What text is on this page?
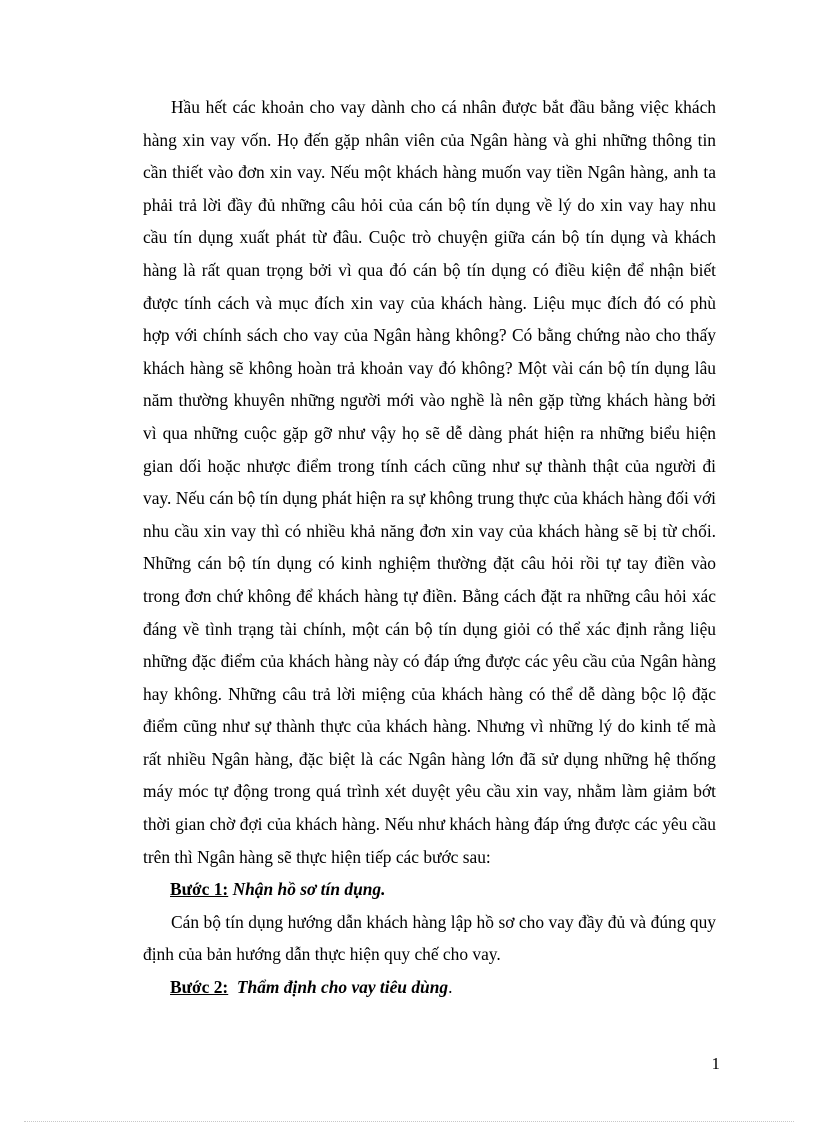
Hầu hết các khoản cho vay dành cho cá nhân được bắt đầu bằng việc khách hàng xin vay vốn. Họ đến gặp nhân viên của Ngân hàng và ghi những thông tin cần thiết vào đơn xin vay. Nếu một khách hàng muốn vay tiền Ngân hàng, anh ta phải trả lời đầy đủ những câu hỏi của cán bộ tín dụng về lý do xin vay hay nhu cầu tín dụng xuất phát từ đâu. Cuộc trò chuyện giữa cán bộ tín dụng và khách hàng là rất quan trọng bởi vì qua đó cán bộ tín dụng có điều kiện để nhận biết được tính cách và mục đích xin vay của khách hàng. Liệu mục đích đó có phù hợp với chính sách cho vay của Ngân hàng không? Có bằng chứng nào cho thấy khách hàng sẽ không hoàn trả khoản vay đó không? Một vài cán bộ tín dụng lâu năm thường khuyên những người mới vào nghề là nên gặp từng khách hàng bởi vì qua những cuộc gặp gỡ như vậy họ sẽ dễ dàng phát hiện ra những biểu hiện gian dối hoặc nhược điểm trong tính cách cũng như sự thành thật của người đi vay. Nếu cán bộ tín dụng phát hiện ra sự không trung thực của khách hàng đối với nhu cầu xin vay thì có nhiều khả năng đơn xin vay của khách hàng sẽ bị từ chối. Những cán bộ tín dụng có kinh nghiệm thường đặt câu hỏi rồi tự tay điền vào trong đơn chứ không để khách hàng tự điền. Bằng cách đặt ra những câu hỏi xác đáng về tình trạng tài chính, một cán bộ tín dụng giỏi có thể xác định rằng liệu những đặc điểm của khách hàng này có đáp ứng được các yêu cầu của Ngân hàng hay không. Những câu trả lời miệng của khách hàng có thể dễ dàng bộc lộ đặc điểm cũng như sự thành thực của khách hàng. Nhưng vì những lý do kinh tế mà rất nhiều Ngân hàng, đặc biệt là các Ngân hàng lớn đã sử dụng những hệ thống máy móc tự động trong quá trình xét duyệt yêu cầu xin vay, nhằm làm giảm bớt thời gian chờ đợi của khách hàng. Nếu như khách hàng đáp ứng được các yêu cầu trên thì Ngân hàng sẽ thực hiện tiếp các bước sau:

Bước 1: Nhận hồ sơ tín dụng.

Cán bộ tín dụng hướng dẫn khách hàng lập hồ sơ cho vay đầy đủ và đúng quy định của bản hướng dẫn thực hiện quy chế cho vay.

Bước 2: Thẩm định cho vay tiêu dùng.

1
